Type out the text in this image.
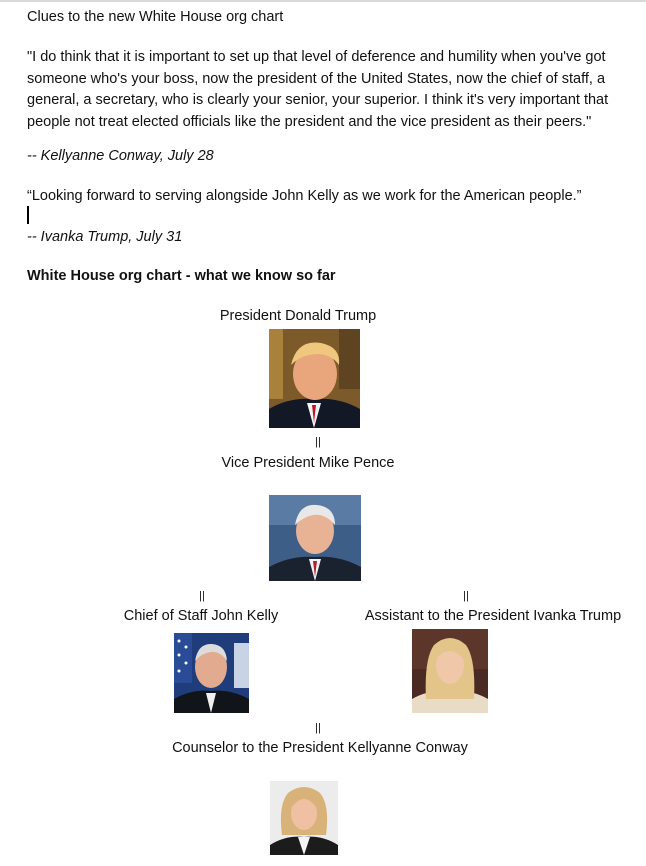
Clues to the new White House org chart
"I do think that it is important to set up that level of deference and humility when you've got someone who's your boss, now the president of the United States, now the chief of staff, a general, a secretary, who is clearly your senior, your superior. I think it's very important that people not treat elected officials like the president and the vice president as their peers."
-- Kellyanne Conway, July 28
“Looking forward to serving alongside John Kelly as we work for the American people.”
-- Ivanka Trump, July 31
White House org chart - what we know so far
President Donald Trump
||
Vice President Mike Pence
||	||
Chief of Staff John Kelly	Assistant to the President Ivanka Trump
||
Counselor to the President Kellyanne Conway
